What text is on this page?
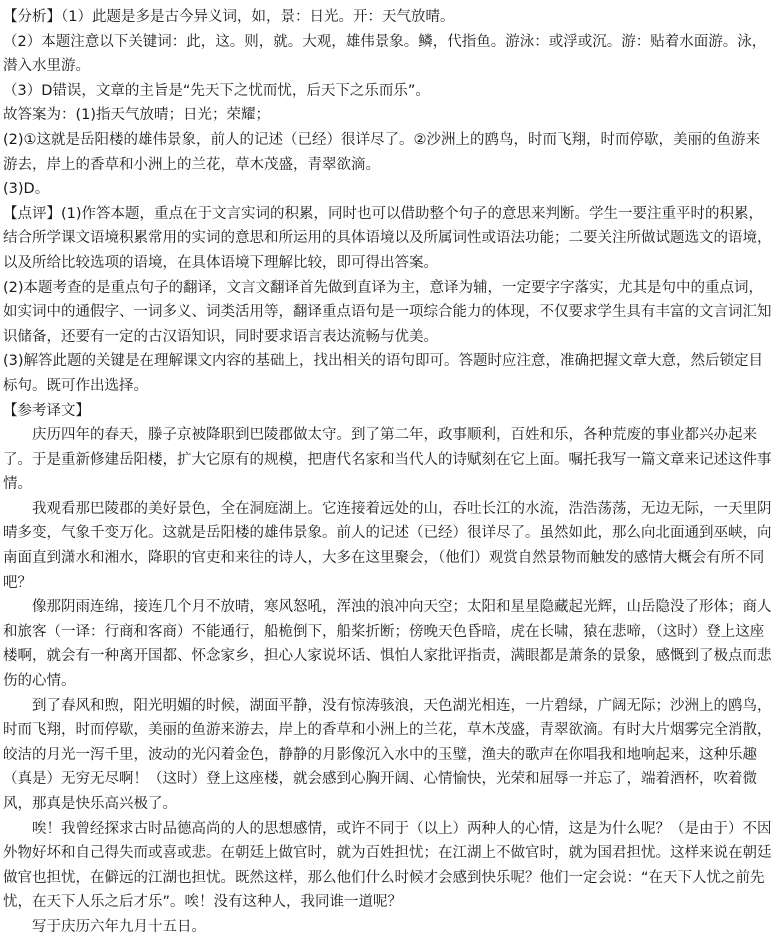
【分析】（1）此题是多是古今异义词，如，景：日光。开：天气放晴。

（2）本题注意以下关键词：此，这。则，就。大观，雄伟景象。鳞，代指鱼。游泳：或浮或沉。游：贴着水面游。泳，潜入水里游。

（3）D错误，文章的主旨是“先天下之忧而忧，后天下之乐而乐”。

故答案为：(1)指天气放晴；日光；荣耀；

(2)①这就是岳阳楼的雄伟景象，前人的记述（已经）很详尽了。②沙洲上的鸥鸟，时而飞翔，时而停歇，美丽的鱼游来游去，岸上的香草和小洲上的兰花，草木茂盛，青翠欲滴。

(3)D。

【点评】(1)作答本题，重点在于文言实词的积累，同时也可以借助整个句子的意思来判断。学生一要注重平时的积累，结合所学课文语境积累常用的实词的意思和所运用的具体语境以及所属词性或语法功能；二要关注所做试题选文的语境，以及所给比较选项的语境，在具体语境下理解比较，即可得出答案。

(2)本题考查的是重点句子的翻译，文言文翻译首先做到直译为主，意译为辅，一定要字字落实，尤其是句中的重点词，如实词中的通假字、一词多义、词类活用等，翻译重点语句是一项综合能力的体现，不仅要求学生具有丰富的文言词汇知识储备，还要有一定的古汉语知识，同时要求语言表达流畅与优美。

(3)解答此题的关键是在理解课文内容的基础上，找出相关的语句即可。答题时应注意，准确把握文章大意，然后锁定目标句。既可作出选择。

【参考译文】

庆历四年的春天，滕子京被降职到巴陵郡做太守。到了第二年，政事顺利，百姓和乐，各种荒废的事业都兴办起来了。于是重新修建岳阳楼，扩大它原有的规模，把唐代名家和当代人的诗赋刻在它上面。嘱托我写一篇文章来记述这件事情。

我观看那巴陵郡的美好景色，全在洞庭湖上。它连接着远处的山，吞吐长江的水流，浩浩荡荡，无边无际，一天里阴晴多变，气象千变万化。这就是岳阳楼的雄伟景象。前人的记述（已经）很详尽了。虽然如此，那么向北面通到巫峡，向南面直到潇水和湘水，降职的官吏和来往的诗人，大多在这里聚会，（他们）观赏自然景物而触发的感情大概会有所不同吧？

像那阴雨连绵，接连几个月不放晴，寒风怒吼，浑浊的浪冲向天空；太阳和星星隐藏起光辉，山岳隐没了形体；商人和旅客（一译：行商和客商）不能通行，船桅倒下，船桨折断；傍晚天色昏暗，虎在长啸，猿在悲啼，（这时）登上这座楼啊，就会有一种离开国都、怀念家乡，担心人家说坏话、惧怕人家批评指责，满眼都是萧条的景象，感慨到了极点而悲伤的心情。

到了春风和煦，阳光明媚的时候，湖面平静，没有惊涛骇浪，天色湖光相连，一片碧绿，广阔无际；沙洲上的鸥鸟，时而飞翔，时而停歇，美丽的鱼游来游去，岸上的香草和小洲上的兰花，草木茂盛，青翠欲滴。有时大片烟雾完全消散，皎洁的月光一泻千里，波动的光闪着金色，静静的月影像沉入水中的玉璧，渔夫的歌声在你唱我和地响起来，这种乐趣（真是）无穷无尽啊！（这时）登上这座楼，就会感到心胸开阔、心情愉快，光荣和屈辱一并忘了，端着酒杯，吹着微风，那真是快乐高兴极了。

唉！我曾经探求古时品德高尚的人的思想感情，或许不同于（以上）两种人的心情，这是为什么呢？（是由于）不因外物好坏和自己得失而或喜或悲。在朝廷上做官时，就为百姓担忧；在江湖上不做官时，就为国君担忧。这样来说在朝廷做官也担忧，在僻远的江湖也担忧。既然这样，那么他们什么时候才会感到快乐呢？他们一定会说：“在天下人忧之前先忧，在天下人乐之后才乐”。唉！没有这种人，我同谁一道呢？

写于庆历六年九月十五日。
